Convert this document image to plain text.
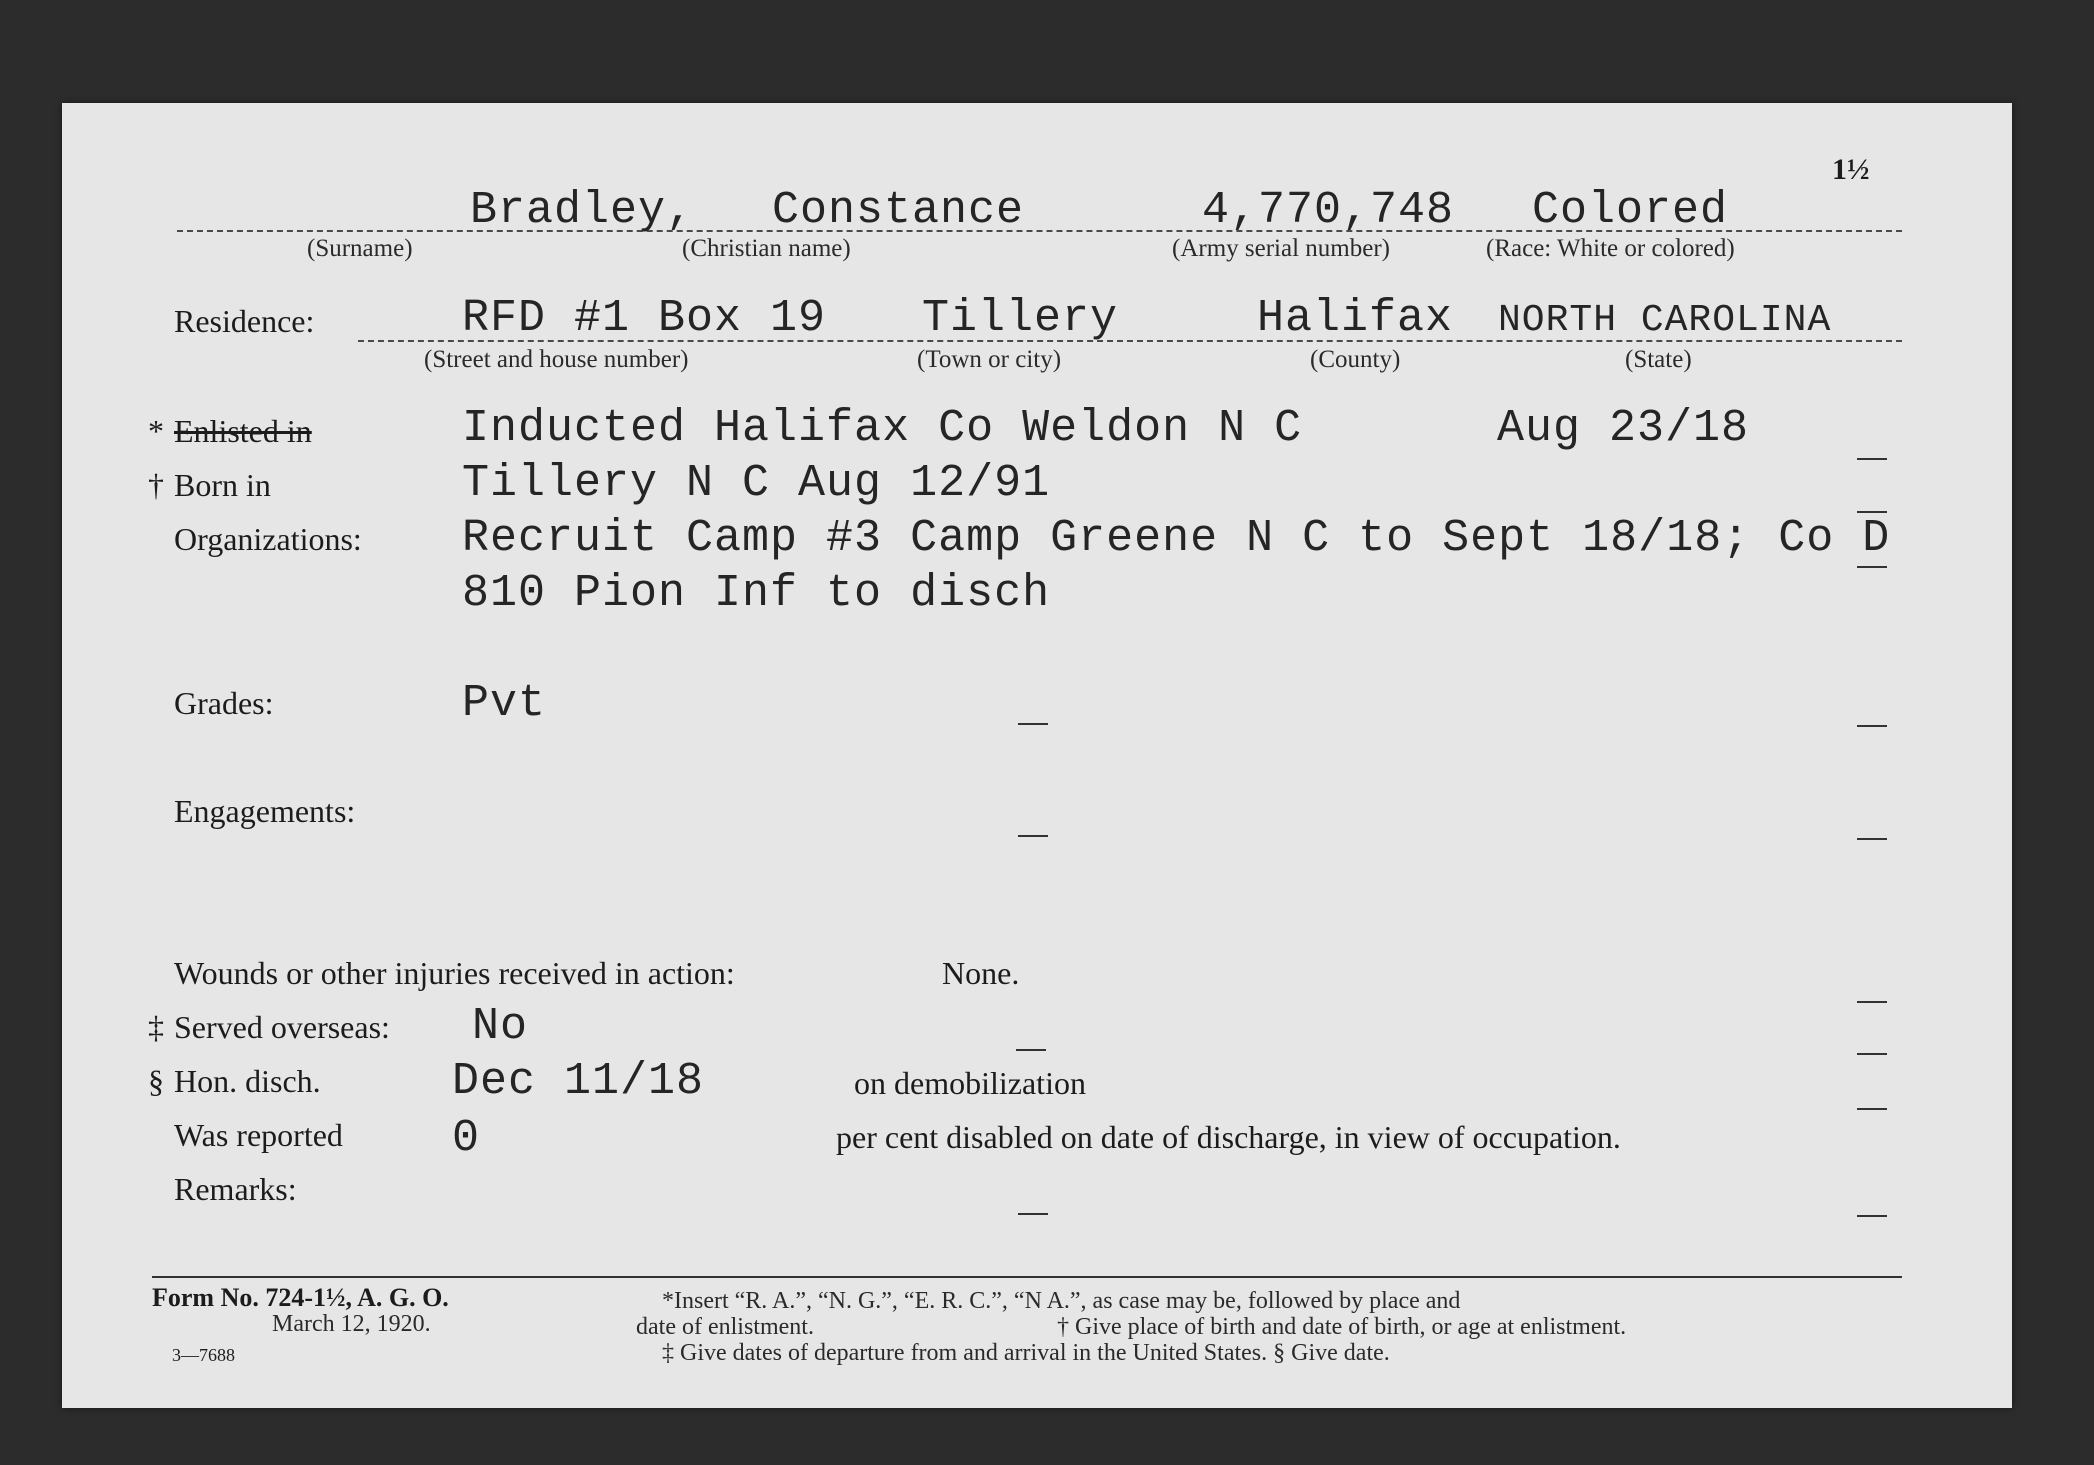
1½
Bradley, Constance	4,770,748 Colored
(Surname)	(Christian name)	(Army serial number)	(Race: White or colored)
Residence:	RFD #1 Box 19 Tillery	Halifax NORTH CAROLINA
(Street and house number)	(Town or city)	(County)	(State)
* Enlisted in	Inducted Halifax Co Weldon N C	Aug 23/18
† Born in	Tillery N C Aug 12/91
Organizations: Recruit Camp #3 Camp Greene N C to Sept 18/18; Co D
810 Pion Inf to disch
Grades:	Pvt
Engagements:
Wounds or other injuries received in action:	None.
‡ Served overseas: No
§ Hon. disch.	Dec 11/18	on demobilization
Was reported 0	per cent disabled on date of discharge, in view of occupation.
Remarks:
Form No. 724-1½, A. G. O.
March 12, 1920.
3—7688
*Insert “R. A.”, “N. G.”, “E. R. C.”, “N A.”, as case may be, followed by place and
date of enlistment.	† Give place of birth and date of birth, or age at enlistment.
‡ Give dates of departure from and arrival in the United States. § Give date.
